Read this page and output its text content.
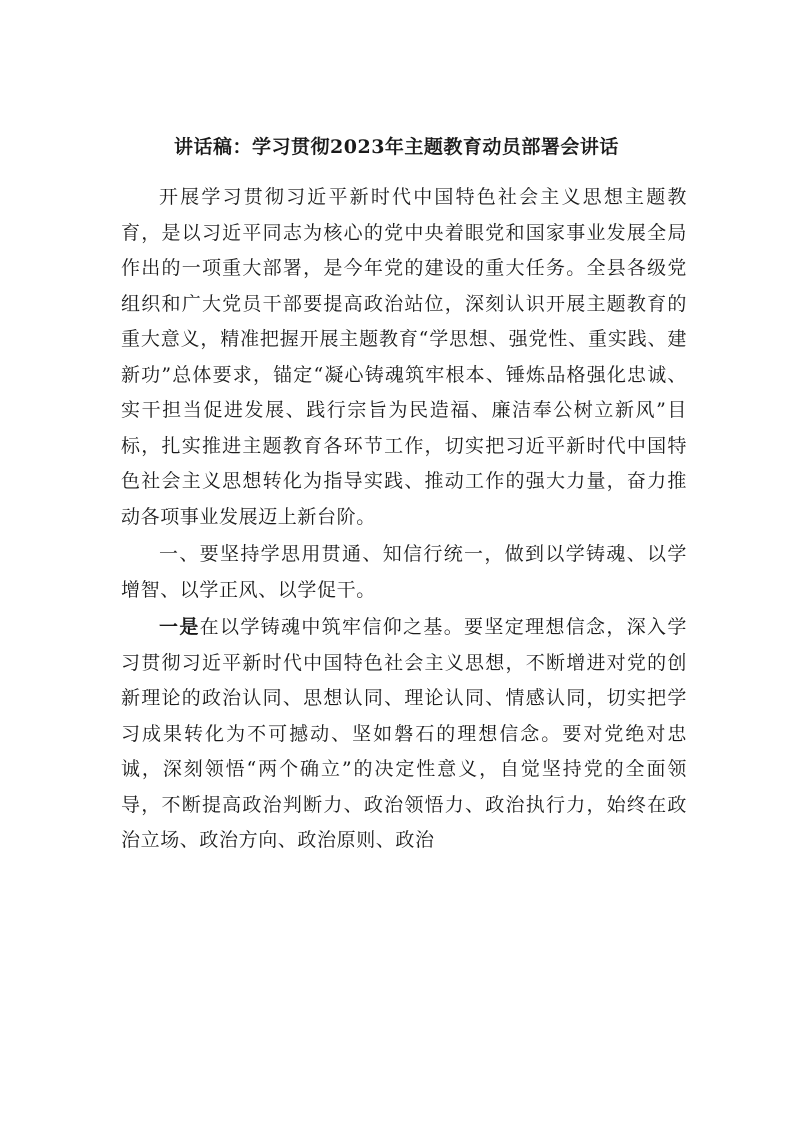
讲话稿：学习贯彻2023年主题教育动员部署会讲话

开展学习贯彻习近平新时代中国特色社会主义思想主题教育，是以习近平同志为核心的党中央着眼党和国家事业发展全局作出的一项重大部署，是今年党的建设的重大任务。全县各级党组织和广大党员干部要提高政治站位，深刻认识开展主题教育的重大意义，精准把握开展主题教育“学思想、强党性、重实践、建新功”总体要求，锚定“凝心铸魂筑牢根本、锤炼品格强化忠诚、实干担当促进发展、践行宗旨为民造福、廉洁奉公树立新风”目标，扎实推进主题教育各环节工作，切实把习近平新时代中国特色社会主义思想转化为指导实践、推动工作的强大力量，奋力推动各项事业发展迈上新台阶。

一、要坚持学思用贯通、知信行统一，做到以学铸魂、以学增智、以学正风、以学促干。

一是在以学铸魂中筑牢信仰之基。要坚定理想信念，深入学习贯彻习近平新时代中国特色社会主义思想，不断增进对党的创新理论的政治认同、思想认同、理论认同、情感认同，切实把学习成果转化为不可撼动、坚如磐石的理想信念。要对党绝对忠诚，深刻领悟“两个确立”的决定性意义，自觉坚持党的全面领导，不断提高政治判断力、政治领悟力、政治执行力，始终在政治立场、政治方向、政治原则、政治
